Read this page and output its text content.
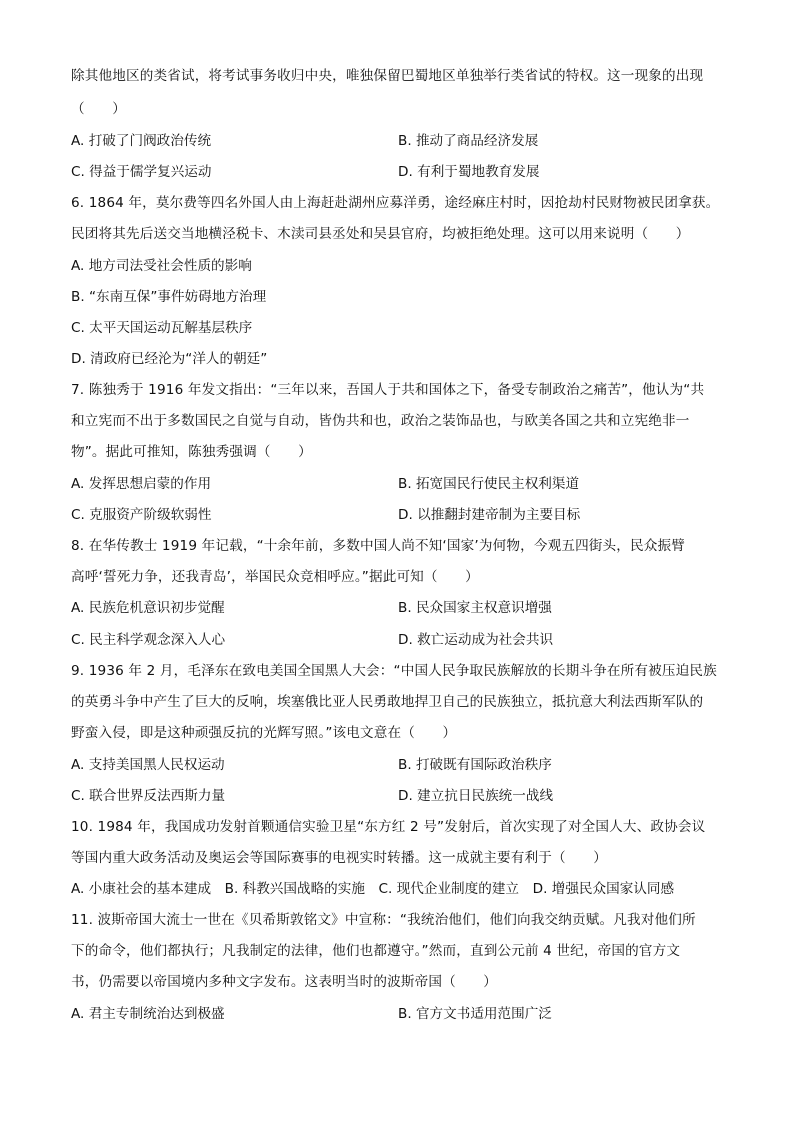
除其他地区的类省试，将考试事务收归中央，唯独保留巴蜀地区单独举行类省试的特权。这一现象的出现
（　　）
A. 打破了门阀政治传统	B. 推动了商品经济发展
C. 得益于儒学复兴运动	D. 有利于蜀地教育发展
6. 1864 年，莫尔费等四名外国人由上海赶赴湖州应募洋勇，途经麻庄村时，因抢劫村民财物被民团拿获。
民团将其先后送交当地横泾税卡、木渎司县丞处和吴县官府，均被拒绝处理。这可以用来说明（　　）
A. 地方司法受社会性质的影响
B. “东南互保”事件妨碍地方治理
C. 太平天国运动瓦解基层秩序
D. 清政府已经沦为“洋人的朝廷”
7. 陈独秀于 1916 年发文指出：“三年以来，吾国人于共和国体之下，备受专制政治之痛苦”，他认为“共
和立宪而不出于多数国民之自觉与自动，皆伪共和也，政治之装饰品也，与欧美各国之共和立宪绝非一
物”。据此可推知，陈独秀强调（　　）
A. 发挥思想启蒙的作用	B. 拓宽国民行使民主权利渠道
C. 克服资产阶级软弱性	D. 以推翻封建帝制为主要目标
8. 在华传教士 1919 年记载，“十余年前，多数中国人尚不知‘国家’为何物，今观五四街头，民众振臂
高呼‘誓死力争，还我青岛’，举国民众竞相呼应。”据此可知（　　）
A. 民族危机意识初步觉醒	B. 民众国家主权意识增强
C. 民主科学观念深入人心	D. 救亡运动成为社会共识
9. 1936 年 2 月，毛泽东在致电美国全国黑人大会：“中国人民争取民族解放的长期斗争在所有被压迫民族
的英勇斗争中产生了巨大的反响，埃塞俄比亚人民勇敢地捍卫自己的民族独立，抵抗意大利法西斯军队的
野蛮入侵，即是这种顽强反抗的光辉写照。”该电文意在（　　）
A. 支持美国黑人民权运动	B. 打破既有国际政治秩序
C. 联合世界反法西斯力量	D. 建立抗日民族统一战线
10. 1984 年，我国成功发射首颗通信实验卫星“东方红 2 号”发射后，首次实现了对全国人大、政协会议
等国内重大政务活动及奥运会等国际赛事的电视实时转播。这一成就主要有利于（　　）
A. 小康社会的基本建成　B. 科教兴国战略的实施　C. 现代企业制度的建立　D. 增强民众国家认同感
11. 波斯帝国大流士一世在《贝希斯敦铭文》中宣称：“我统治他们，他们向我交纳贡赋。凡我对他们所
下的命令，他们都执行；凡我制定的法律，他们也都遵守。”然而，直到公元前 4 世纪，帝国的官方文
书，仍需要以帝国境内多种文字发布。这表明当时的波斯帝国（　　）
A. 君主专制统治达到极盛	B. 官方文书适用范围广泛
